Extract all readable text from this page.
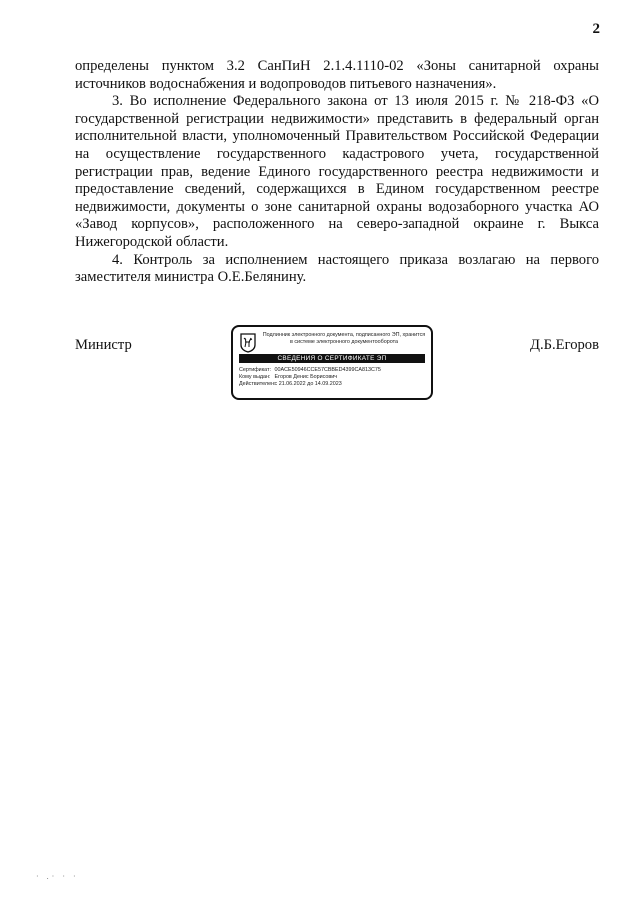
2

определены пунктом 3.2 СанПиН 2.1.4.1110-02 «Зоны санитарной охраны источников водоснабжения и водопроводов питьевого назначения».

3. Во исполнение Федерального закона от 13 июля 2015 г. № 218-ФЗ «О государственной регистрации недвижимости» представить в федеральный орган исполнительной власти, уполномоченный Правительством Российской Федерации на осуществление государственного кадастрового учета, государственной регистрации прав, ведение Единого государственного реестра недвижимости и предоставление сведений, содержащихся в Едином государственном реестре недвижимости, документы о зоне санитарной охраны водозаборного участка АО «Завод корпусов», расположенного на северо-западной окраине г. Выкса Нижегородской области.

4. Контроль за исполнением настоящего приказа возлагаю на первого заместителя министра О.Е.Белянину.

Министр
Подлинник электронного документа, подписанного ЭП, хранится в системе электронного документооборота
СВЕДЕНИЯ О СЕРТИФИКАТЕ ЭП
Сертификат: 00ACE50946CCE57CBBED4399CA813C75
Кому выдан: Егоров Денис Борисович
Действителен: с 21.06.2022 до 14.09.2023
Д.Б.Егоров
· .· · ·
